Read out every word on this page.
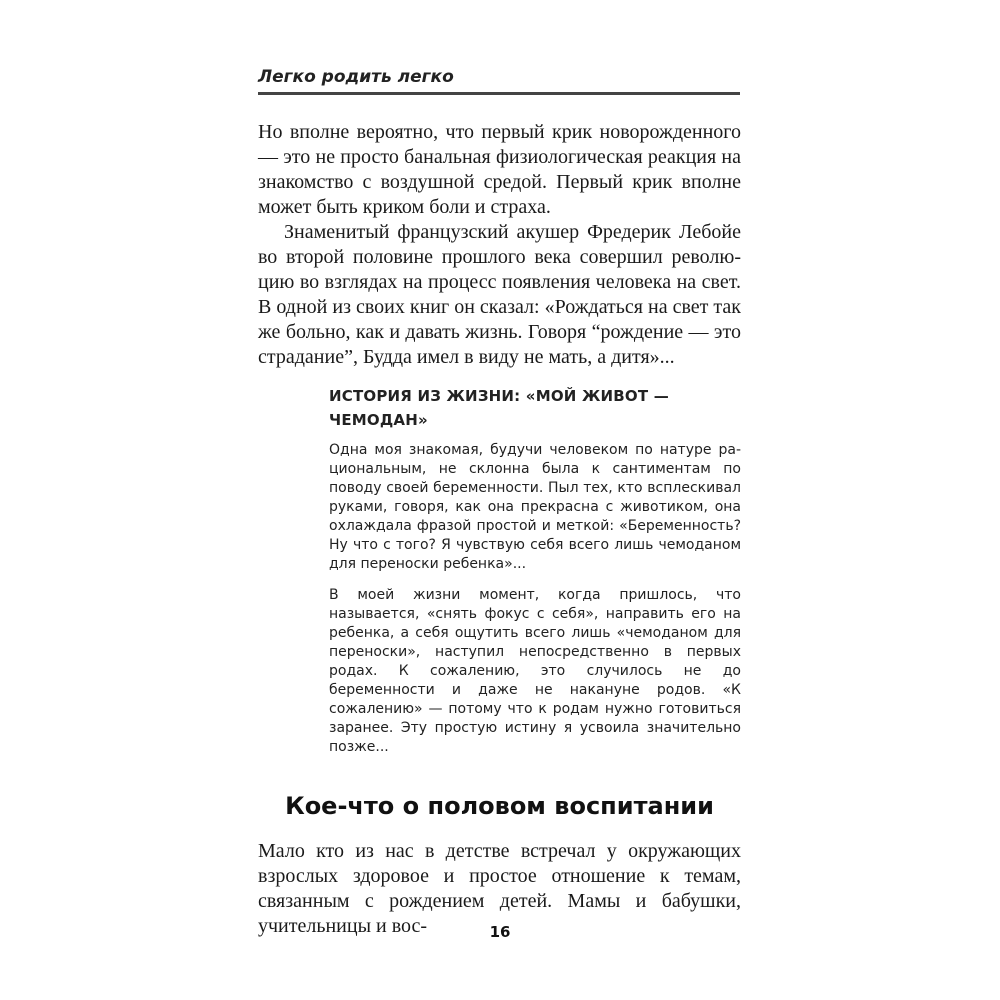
Легко родить легко

Но вполне вероятно, что первый крик новорожденного — это не просто банальная физиологическая реакция на знакомство с воздушной средой. Первый крик вполне может быть криком боли и страха.

Знаменитый французский акушер Фредерик Лебойе во второй половине прошлого века совершил революцию во взглядах на процесс появления человека на свет. В одной из своих книг он сказал: «Рождаться на свет так же больно, как и давать жизнь. Говоря “рождение — это страдание”, Будда имел в виду не мать, а дитя»...

ИСТОРИЯ ИЗ ЖИЗНИ: «МОЙ ЖИВОТ — ЧЕМОДАН»

Одна моя знакомая, будучи человеком по натуре рациональным, не склонна была к сантиментам по поводу своей беременности. Пыл тех, кто всплескивал руками, говоря, как она прекрасна с животиком, она охлаждала фразой простой и меткой: «Беременность? Ну что с того? Я чувствую себя всего лишь чемоданом для переноски ребенка»...

В моей жизни момент, когда пришлось, что называется, «снять фокус с себя», направить его на ребенка, а себя ощутить всего лишь «чемоданом для переноски», наступил непосредственно в первых родах. К сожалению, это случилось не до беременности и даже не накануне родов. «К сожалению» — потому что к родам нужно готовиться заранее. Эту простую истину я усвоила значительно позже...

Кое-что о половом воспитании

Мало кто из нас в детстве встречал у окружающих взрослых здоровое и простое отношение к темам, связанным с рождением детей. Мамы и бабушки, учительницы и вос-	16
